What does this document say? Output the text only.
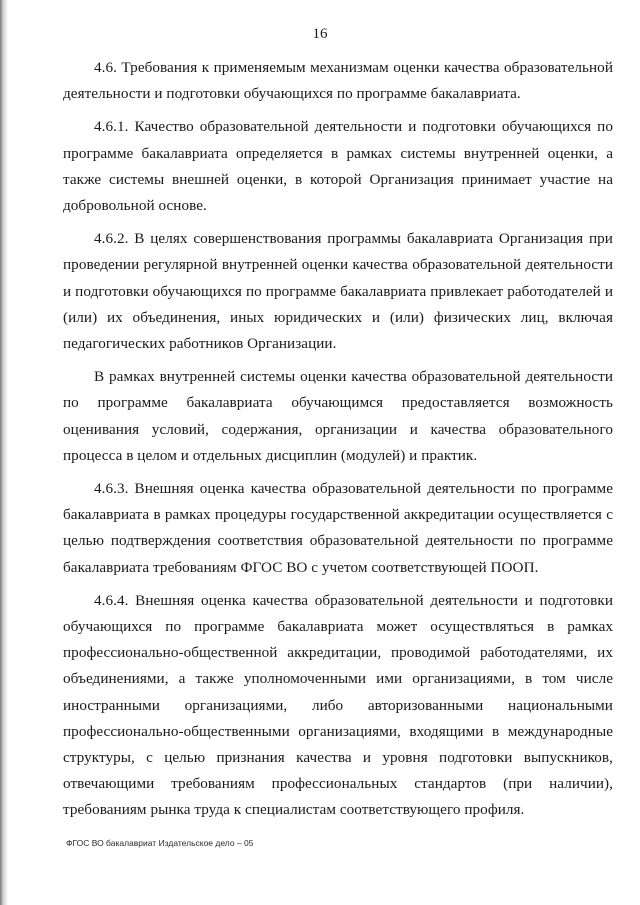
16

4.6. Требования к применяемым механизмам оценки качества образовательной деятельности и подготовки обучающихся по программе бакалавриата.

4.6.1. Качество образовательной деятельности и подготовки обучающихся по программе бакалавриата определяется в рамках системы внутренней оценки, а также системы внешней оценки, в которой Организация принимает участие на добровольной основе.

4.6.2. В целях совершенствования программы бакалавриата Организация при проведении регулярной внутренней оценки качества образовательной деятельности и подготовки обучающихся по программе бакалавриата привлекает работодателей и (или) их объединения, иных юридических и (или) физических лиц, включая педагогических работников Организации.

В рамках внутренней системы оценки качества образовательной деятельности по программе бакалавриата обучающимся предоставляется возможность оценивания условий, содержания, организации и качества образовательного процесса в целом и отдельных дисциплин (модулей) и практик.

4.6.3. Внешняя оценка качества образовательной деятельности по программе бакалавриата в рамках процедуры государственной аккредитации осуществляется с целью подтверждения соответствия образовательной деятельности по программе бакалавриата требованиям ФГОС ВО с учетом соответствующей ПООП.

4.6.4. Внешняя оценка качества образовательной деятельности и подготовки обучающихся по программе бакалавриата может осуществляться в рамках профессионально-общественной аккредитации, проводимой работодателями, их объединениями, а также уполномоченными ими организациями, в том числе иностранными организациями, либо авторизованными национальными профессионально-общественными организациями, входящими в международные структуры, с целью признания качества и уровня подготовки выпускников, отвечающими требованиям профессиональных стандартов (при наличии), требованиям рынка труда к специалистам соответствующего профиля.

ФГОС ВО бакалавриат Издательское дело – 05
